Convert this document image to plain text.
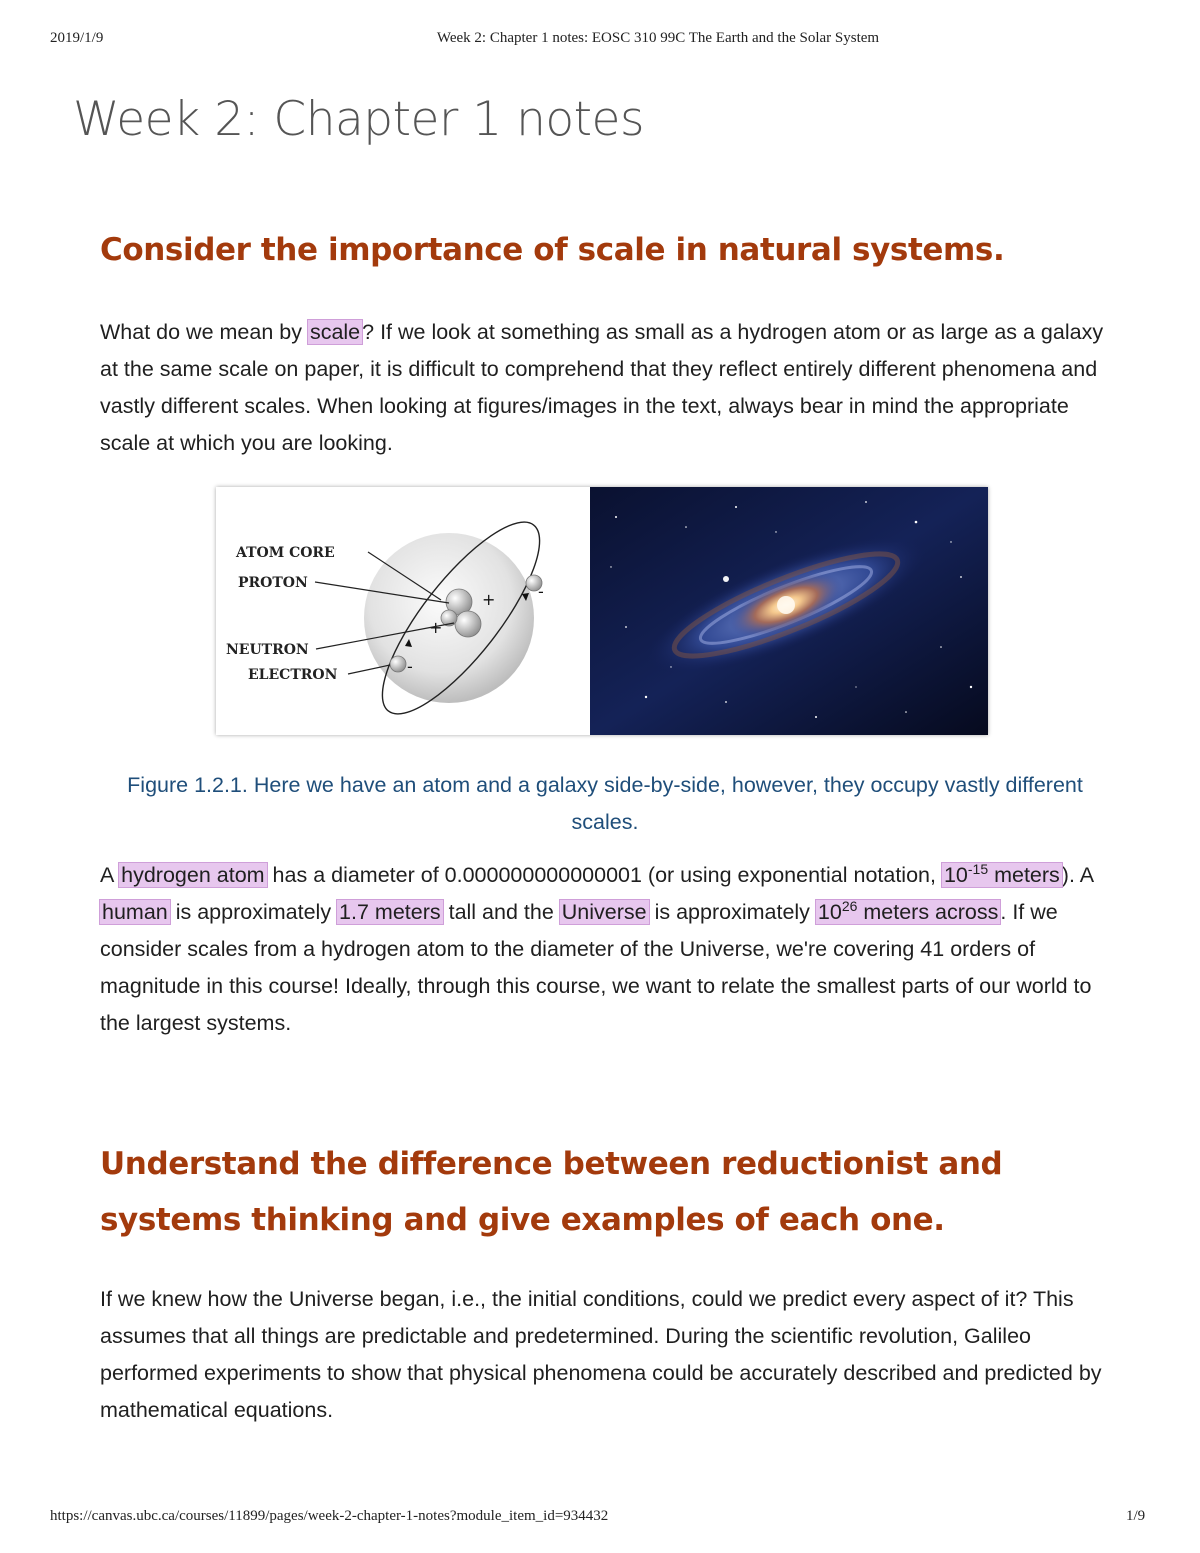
2019/1/9	Week 2: Chapter 1 notes: EOSC 310 99C The Earth and the Solar System
Week 2: Chapter 1 notes
Consider the importance of scale in natural systems.

What do we mean by scale? If we look at something as small as a hydrogen atom or as large as a galaxy at the same scale on paper, it is difficult to comprehend that they reflect entirely different phenomena and vastly different scales. When looking at figures/images in the text, always bear in mind the appropriate scale at which you are looking.

+
+
-
-
ATOM CORE
PROTON
NEUTRON
ELECTRON

Figure 1.2.1. Here we have an atom and a galaxy side-by-side, however, they occupy vastly different scales.

A hydrogen atom has a diameter of 0.000000000000001 (or using exponential notation, $10^{-15}$ meters). A human is approximately 1.7 meters tall and the Universe is approximately $10^{26}$ meters across. If we consider scales from a hydrogen atom to the diameter of the Universe, we're covering 41 orders of magnitude in this course! Ideally, through this course, we want to relate the smallest parts of our world to the largest systems.

Understand the difference between reductionist and
systems thinking and give examples of each one.

If we knew how the Universe began, i.e., the initial conditions, could we predict every aspect of it? This assumes that all things are predictable and predetermined. During the scientific revolution, Galileo performed experiments to show that physical phenomena could be accurately described and predicted by mathematical equations.

https://canvas.ubc.ca/courses/11899/pages/week-2-chapter-1-notes?module_item_id=934432	1/9
